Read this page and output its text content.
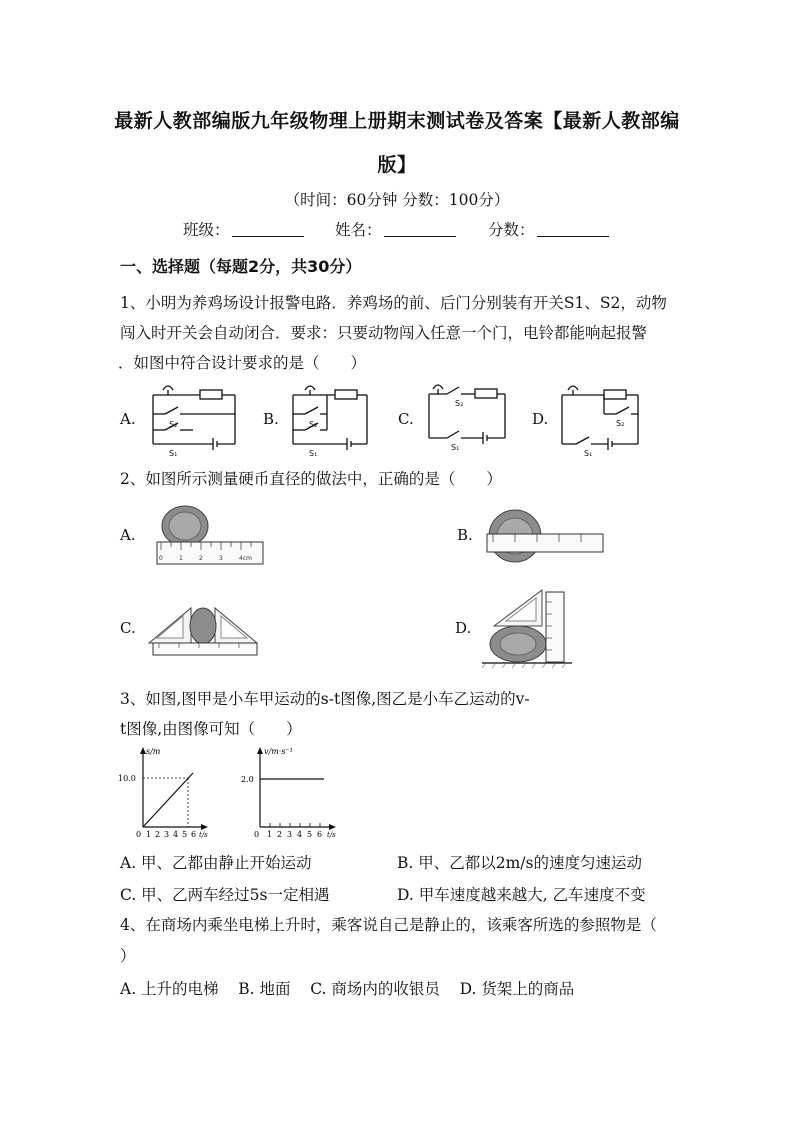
最新人教部编版九年级物理上册期末测试卷及答案【最新人教部编
版】
（时间：60分钟 分数：100分）
班级：	姓名：	分数：
一、选择题（每题2分，共30分）
1、小明为养鸡场设计报警电路．养鸡场的前、后门分别装有开关S1、S2，动物
闯入时开关会自动闭合．要求：只要动物闯入任意一个门，电铃都能响起报警
．如图中符合设计要求的是（　　）
A.	B.	C.	D.
S₂
S₁
S₂
S₁
S₂
S₁
S₂
S₁
2、如图所示测量硬币直径的做法中，正确的是（　　）
A.	B.
C.	D.
0	1	2	3	4cm
3、如图,图甲是小车甲运动的s-t图像,图乙是小车乙运动的v-
t图像,由图像可知（　　）
s/m
10.0
t/s
0 1 2 3 4 5 6
v/m·s⁻¹
2.0
t/s
0 1 2 3 4 5 6
A. 甲、乙都由静止开始运动	B. 甲、乙都以2m/s的速度匀速运动
C. 甲、乙两车经过5s一定相遇	D. 甲车速度越来越大, 乙车速度不变
4、在商场内乘坐电梯上升时，乘客说自己是静止的，该乘客所选的参照物是（
）
A. 上升的电梯    B. 地面    C. 商场内的收银员    D. 货架上的商品
